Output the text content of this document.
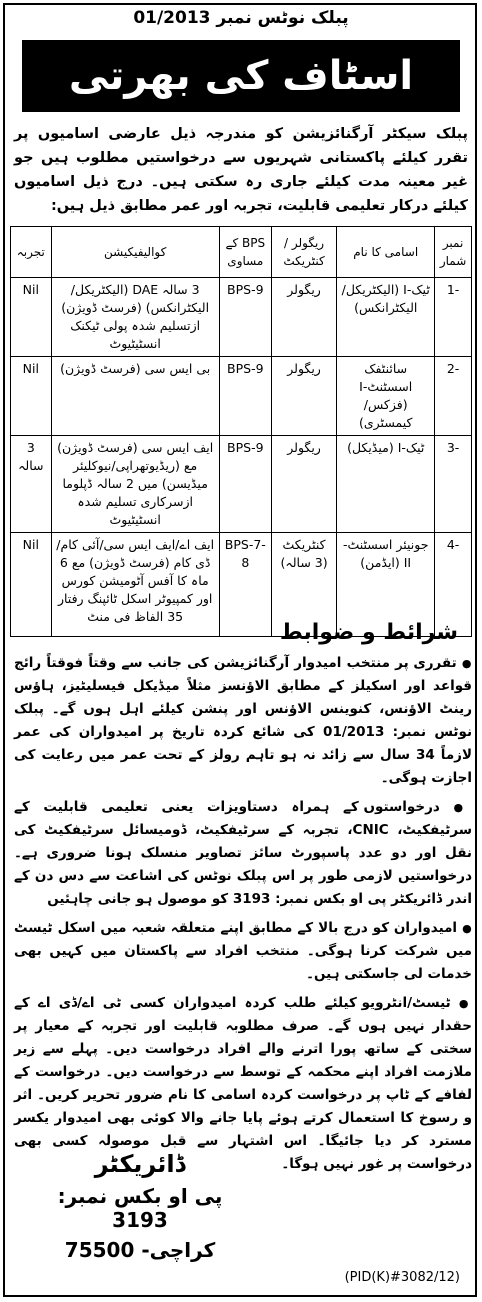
پبلک نوٹس نمبر 01/2013
اسٹاف کی بھرتی
پبلک سیکٹر آرگنائزیشن کو مندرجہ ذیل عارضی اسامیوں پر تقرر کیلئے پاکستانی شہریوں سے درخواستیں مطلوب ہیں جو غیر معینہ مدت کیلئے جاری رہ سکتی ہیں۔ درج ذیل اسامیوں کیلئے درکار تعلیمی قابلیت، تجربہ اور عمر مطابق ذیل ہیں:
نمبر شمار	اسامی کا نام	ریگولر / کنٹریکٹ	BPS کے مساوی	کوالیفیکیشن	تجربہ
-1	ٹیک-I (الیکٹریکل/الیکٹرانکس)	ریگولر	BPS-9	3 سالہ DAE (الیکٹریکل/الیکٹرانکس) (فرسٹ ڈویژن) ازتسلیم شدہ پولی ٹیکنک انسٹیٹیوٹ	Nil
-2	سائنٹفک اسسٹنٹ-I (فزکس/کیمسٹری)	ریگولر	BPS-9	بی ایس سی (فرسٹ ڈویژن)	Nil
-3	ٹیک-I (میڈیکل)	ریگولر	BPS-9	ایف ایس سی (فرسٹ ڈویژن) مع (ریڈیوتھراپی/نیوکلیئر میڈیسن) میں 2 سالہ ڈپلوما ازسرکاری تسلیم شدہ انسٹیٹیوٹ	3 سالہ
-4	جونیئر اسسٹنٹ-II (ایڈمن)	کنٹریکٹ (3 سالہ)	BPS-7-8	ایف اے/ایف ایس سی/آئی کام/ڈی کام (فرسٹ ڈویژن) مع 6 ماہ کا آفس آٹومیشن کورس اور کمپیوٹر اسکل ٹائپنگ رفتار 35 الفاظ فی منٹ	Nil
شرائط و ضوابط

● تقرری پر منتخب امیدوار آرگنائزیشن کی جانب سے وقتاً فوقتاً رائج قواعد اور اسکیلز کے مطابق الاؤنسز مثلاً میڈیکل فیسلیٹیز، ہاؤس رینٹ الاؤنس، کنوینس الاؤنس اور پنشن کیلئے اہل ہوں گے۔ پبلک نوٹس نمبر: 01/2013 کی شائع کردہ تاریخ پر امیدواران کی عمر لازماً 34 سال سے زائد نہ ہو تاہم رولز کے تحت عمر میں رعایت کی اجازت ہوگی۔

● درخواستوں کے ہمراہ دستاویزات یعنی تعلیمی قابلیت کے سرٹیفکیٹ، CNIC، تجربہ کے سرٹیفکیٹ، ڈومیسائل سرٹیفکیٹ کی نقل اور دو عدد پاسپورٹ سائز تصاویر منسلک ہونا ضروری ہے۔ درخواستیں لازمی طور پر اس پبلک نوٹس کی اشاعت سے دس دن کے اندر ڈائریکٹر پی او بکس نمبر: 3193 کو موصول ہو جانی چاہئیں

● امیدواران کو درج بالا کے مطابق اپنے متعلقہ شعبہ میں اسکل ٹیسٹ میں شرکت کرنا ہوگی۔ منتخب افراد سے پاکستان میں کہیں بھی خدمات لی جاسکتی ہیں۔

● ٹیسٹ/انٹرویو کیلئے طلب کردہ امیدواران کسی ٹی اے/ڈی اے کے حقدار نہیں ہوں گے۔ صرف مطلوبہ قابلیت اور تجربہ کے معیار پر سختی کے ساتھ پورا اترنے والے افراد درخواست دیں۔ پہلے سے زیر ملازمت افراد اپنے محکمہ کے توسط سے درخواست دیں۔ درخواست کے لفافے کے ٹاپ پر درخواست کردہ اسامی کا نام ضرور تحریر کریں۔ اثر و رسوخ کا استعمال کرتے ہوئے پایا جانے والا کوئی بھی امیدوار یکسر مسترد کر دیا جائیگا۔ اس اشتہار سے قبل موصولہ کسی بھی درخواست پر غور نہیں ہوگا۔

ڈائریکٹر
پی او بکس نمبر: 3193
کراچی- 75500
(PID(K)#3082/12)
